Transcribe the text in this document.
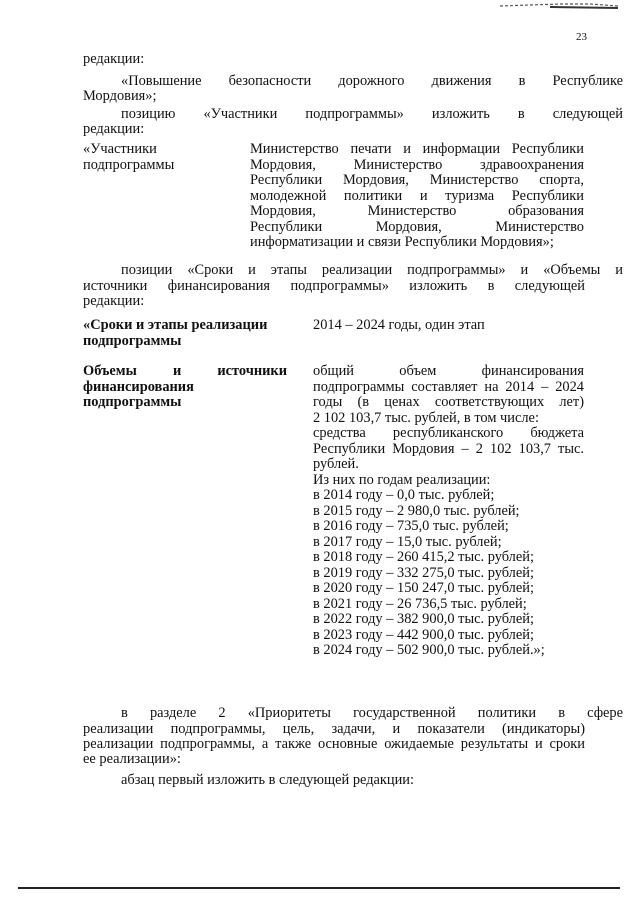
23
редакции:
«Повышение безопасности дорожного движения в Республике
Мордовия»;
позицию «Участники подпрограммы» изложить в следующей
редакции:
«Участники
подпрограммы
Министерство печати и информации Республики
Мордовия, Министерство здравоохранения
Республики Мордовия, Министерство спорта,
молодежной политики и туризма Республики
Мордовия, Министерство образования
Республики Мордовия, Министерство
информатизации и связи Республики Мордовия»;
позиции «Сроки и этапы реализации подпрограммы» и «Объемы и
источники финансирования подпрограммы» изложить в следующей
редакции:
«Сроки и этапы реализации
подпрограммы
2014 – 2024 годы, один этап
Объемы и источники
финансирования
подпрограммы
общий объем финансирования
подпрограммы составляет на 2014 – 2024
годы (в ценах соответствующих лет)
2 102 103,7 тыс. рублей, в том числе:
средства республиканского бюджета
Республики Мордовия – 2 102 103,7 тыс.
рублей.
Из них по годам реализации:
в 2014 году – 0,0 тыс. рублей;
в 2015 году – 2 980,0 тыс. рублей;
в 2016 году – 735,0 тыс. рублей;
в 2017 году – 15,0 тыс. рублей;
в 2018 году – 260 415,2 тыс. рублей;
в 2019 году – 332 275,0 тыс. рублей;
в 2020 году – 150 247,0 тыс. рублей;
в 2021 году – 26 736,5 тыс. рублей;
в 2022 году – 382 900,0 тыс. рублей;
в 2023 году – 442 900,0 тыс. рублей;
в 2024 году – 502 900,0 тыс. рублей.»;
в разделе 2 «Приоритеты государственной политики в сфере
реализации подпрограммы, цель, задачи, и показатели (индикаторы)
реализации подпрограммы, а также основные ожидаемые результаты и сроки
ее реализации»:
абзац первый изложить в следующей редакции:
